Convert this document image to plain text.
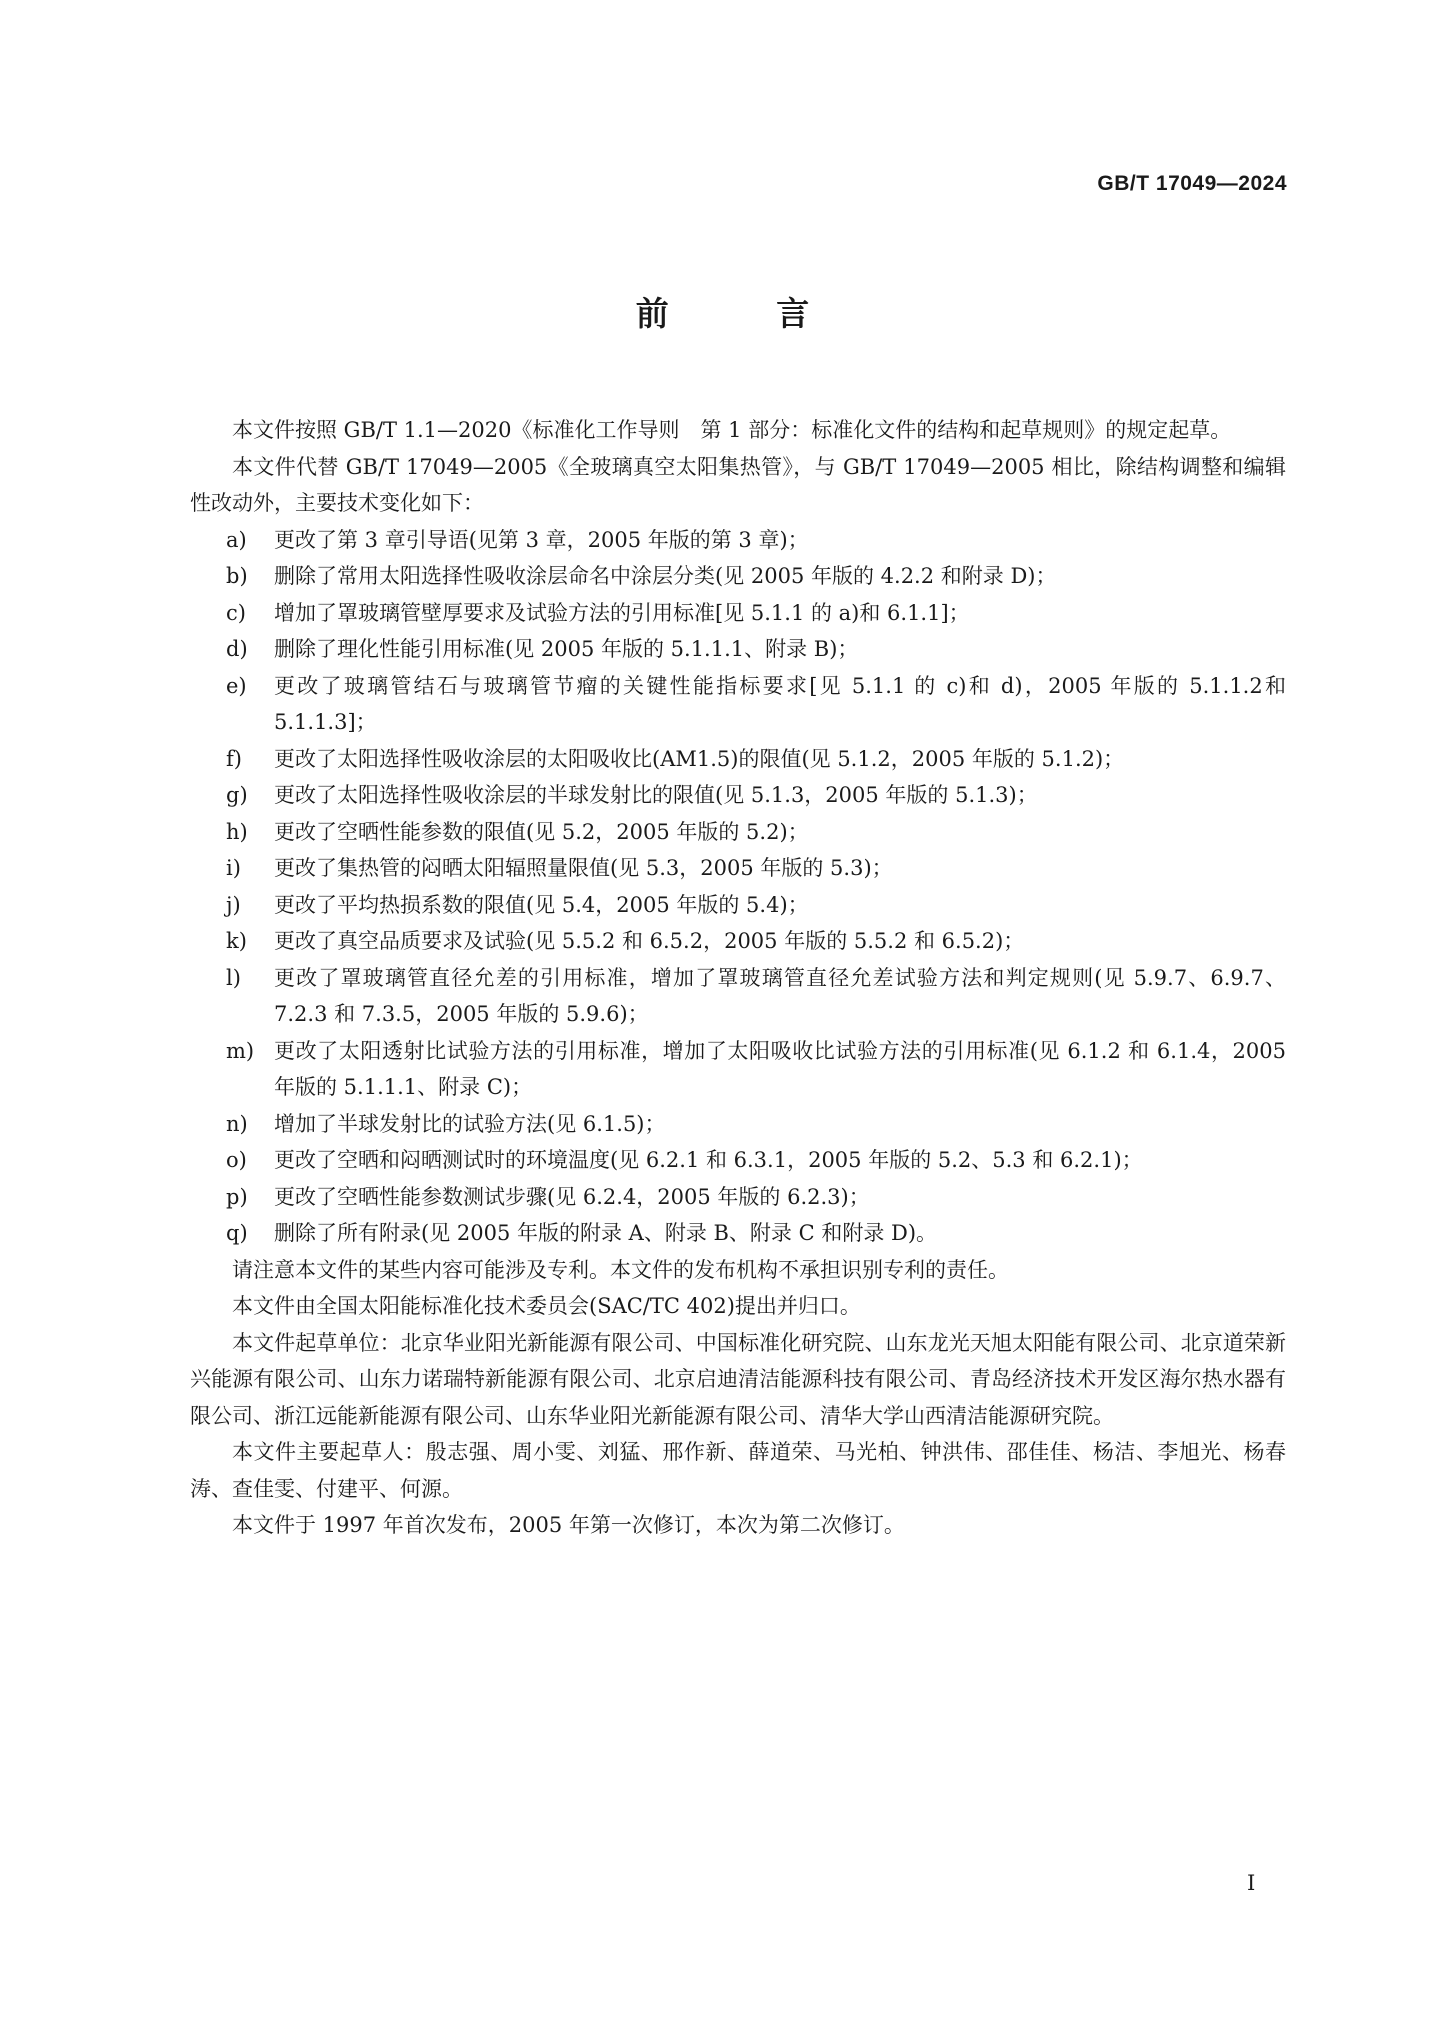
GB/T 17049—2024

前 言

本文件按照 GB/T 1.1—2020《标准化工作导则　第 1 部分：标准化文件的结构和起草规则》的规定起草。

本文件代替 GB/T 17049—2005《全玻璃真空太阳集热管》，与 GB/T 17049—2005 相比，除结构调整和编辑性改动外，主要技术变化如下：

a) 更改了第 3 章引导语(见第 3 章，2005 年版的第 3 章)；
b) 删除了常用太阳选择性吸收涂层命名中涂层分类(见 2005 年版的 4.2.2 和附录 D)；
c) 增加了罩玻璃管壁厚要求及试验方法的引用标准[见 5.1.1 的 a)和 6.1.1]；
d) 删除了理化性能引用标准(见 2005 年版的 5.1.1.1、附录 B)；
e) 更改了玻璃管结石与玻璃管节瘤的关键性能指标要求[见 5.1.1 的 c)和 d)，2005 年版的 5.1.1.2和 5.1.1.3]；
f) 更改了太阳选择性吸收涂层的太阳吸收比(AM1.5)的限值(见 5.1.2，2005 年版的 5.1.2)；
g) 更改了太阳选择性吸收涂层的半球发射比的限值(见 5.1.3，2005 年版的 5.1.3)；
h) 更改了空晒性能参数的限值(见 5.2，2005 年版的 5.2)；
i) 更改了集热管的闷晒太阳辐照量限值(见 5.3，2005 年版的 5.3)；
j) 更改了平均热损系数的限值(见 5.4，2005 年版的 5.4)；
k) 更改了真空品质要求及试验(见 5.5.2 和 6.5.2，2005 年版的 5.5.2 和 6.5.2)；
l) 更改了罩玻璃管直径允差的引用标准，增加了罩玻璃管直径允差试验方法和判定规则(见 5.9.7、6.9.7、7.2.3 和 7.3.5，2005 年版的 5.9.6)；
m) 更改了太阳透射比试验方法的引用标准，增加了太阳吸收比试验方法的引用标准(见 6.1.2 和 6.1.4，2005 年版的 5.1.1.1、附录 C)；
n) 增加了半球发射比的试验方法(见 6.1.5)；
o) 更改了空晒和闷晒测试时的环境温度(见 6.2.1 和 6.3.1，2005 年版的 5.2、5.3 和 6.2.1)；
p) 更改了空晒性能参数测试步骤(见 6.2.4，2005 年版的 6.2.3)；
q) 删除了所有附录(见 2005 年版的附录 A、附录 B、附录 C 和附录 D)。

请注意本文件的某些内容可能涉及专利。本文件的发布机构不承担识别专利的责任。

本文件由全国太阳能标准化技术委员会(SAC/TC 402)提出并归口。

本文件起草单位：北京华业阳光新能源有限公司、中国标准化研究院、山东龙光天旭太阳能有限公司、北京道荣新兴能源有限公司、山东力诺瑞特新能源有限公司、北京启迪清洁能源科技有限公司、青岛经济技术开发区海尔热水器有限公司、浙江远能新能源有限公司、山东华业阳光新能源有限公司、清华大学山西清洁能源研究院。

本文件主要起草人：殷志强、周小雯、刘猛、邢作新、薛道荣、马光柏、钟洪伟、邵佳佳、杨洁、李旭光、杨春涛、查佳雯、付建平、何源。

本文件于 1997 年首次发布，2005 年第一次修订，本次为第二次修订。

I
